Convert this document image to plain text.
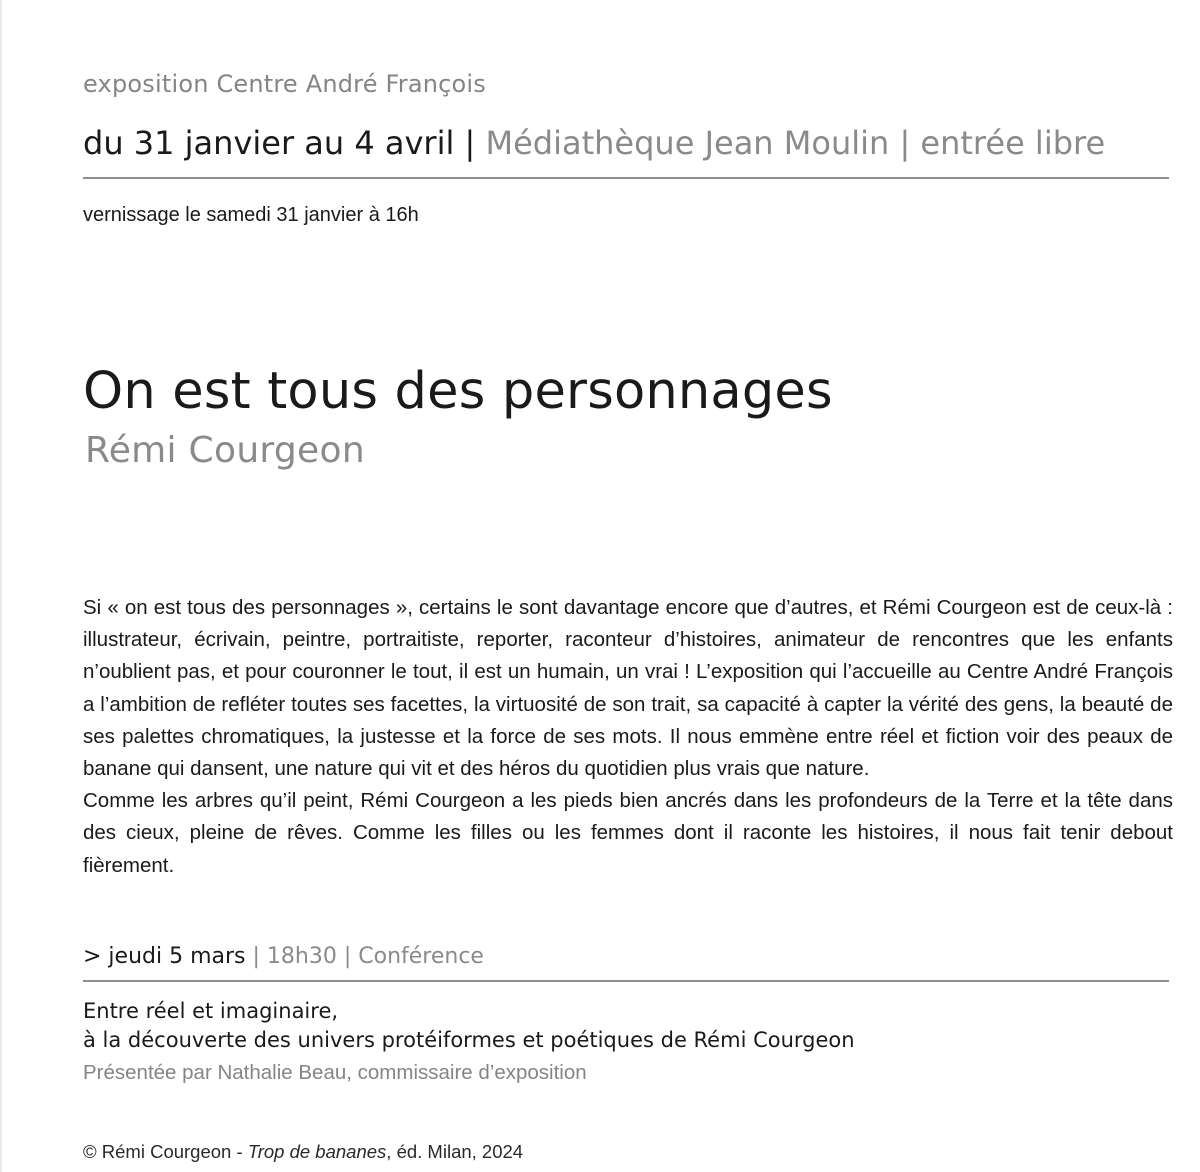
exposition Centre André François
du 31 janvier au 4 avril | Médiathèque Jean Moulin | entrée libre
vernissage le samedi 31 janvier à 16h
On est tous des personnages
Rémi Courgeon

Si « on est tous des personnages », certains le sont davantage encore que d’autres, et Rémi Courgeon est de ceux-là : illustrateur, écrivain, peintre, portraitiste, reporter, raconteur d’histoires, animateur de rencontres que les enfants n’oublient pas, et pour couronner le tout, il est un humain, un vrai ! L’exposition qui l’accueille au Centre André François a l’ambition de refléter toutes ses facettes, la virtuosité de son trait, sa capacité à capter la vérité des gens, la beauté de ses palettes chromatiques, la justesse et la force de ses mots. Il nous emmène entre réel et fiction voir des peaux de banane qui dansent, une nature qui vit et des héros du quotidien plus vrais que nature.

Comme les arbres qu’il peint, Rémi Courgeon a les pieds bien ancrés dans les profondeurs de la Terre et la tête dans des cieux, pleine de rêves. Comme les filles ou les femmes dont il raconte les histoires, il nous fait tenir debout fièrement.

> jeudi 5 mars | 18h30 | Conférence
Entre réel et imaginaire,
à la découverte des univers protéiformes et poétiques de Rémi Courgeon
Présentée par Nathalie Beau, commissaire d’exposition
© Rémi Courgeon - Trop de bananes, éd. Milan, 2024
